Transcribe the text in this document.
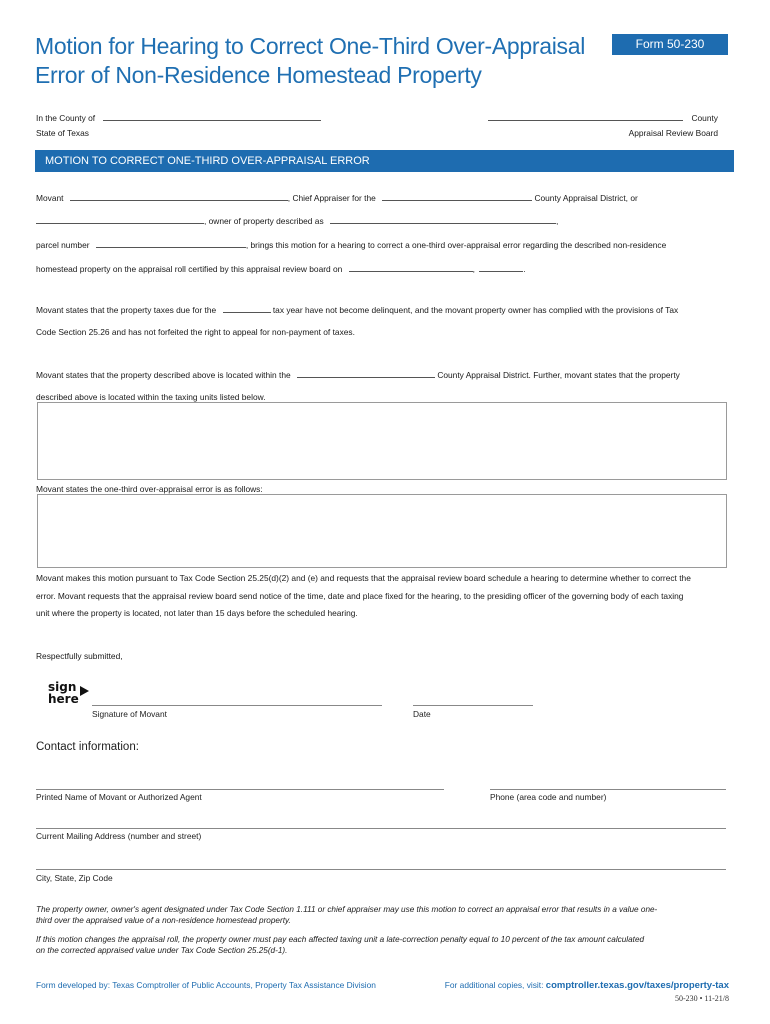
Motion for Hearing to Correct One-Third Over-Appraisal
Error of Non-Residence Homestead Property
Form 50-230
In the County of
State of Texas
County
Appraisal Review Board
MOTION TO CORRECT ONE-THIRD OVER-APPRAISAL ERROR
Movant	, Chief Appraiser for the	County Appraisal District, or
, owner of property described as	,
parcel number	, brings this motion for a hearing to correct a one-third over-appraisal error regarding the described non-residence
homestead property on the appraisal roll certified by this appraisal review board on	,	.
Movant states that the property taxes due for the	tax year have not become delinquent, and the movant property owner has complied with the provisions of Tax
Code Section 25.26 and has not forfeited the right to appeal for non-payment of taxes.
Movant states that the property described above is located within the	County Appraisal District. Further, movant states that the property
described above is located within the taxing units listed below.
Movant states the one-third over-appraisal error is as follows:
Movant makes this motion pursuant to Tax Code Section 25.25(d)(2) and (e) and requests that the appraisal review board schedule a hearing to determine whether to correct the
error. Movant requests that the appraisal review board send notice of the time, date and place fixed for the hearing, to the presiding officer of the governing body of each taxing
unit where the property is located, not later than 15 days before the scheduled hearing.
Respectfully submitted,
sign
here
Signature of Movant	Date
Contact information:
Printed Name of Movant or Authorized Agent	Phone (area code and number)
Current Mailing Address (number and street)
City, State, Zip Code
The property owner, owner's agent designated under Tax Code Section 1.111 or chief appraiser may use this motion to correct an appraisal error that results in a value one-
third over the appraised value of a non-residence homestead property.
If this motion changes the appraisal roll, the property owner must pay each affected taxing unit a late-correction penalty equal to 10 percent of the tax amount calculated
on the corrected appraised value under Tax Code Section 25.25(d-1).
Form developed by: Texas Comptroller of Public Accounts, Property Tax Assistance Division	For additional copies, visit: comptroller.texas.gov/taxes/property-tax
50-230 • 11-21/8
